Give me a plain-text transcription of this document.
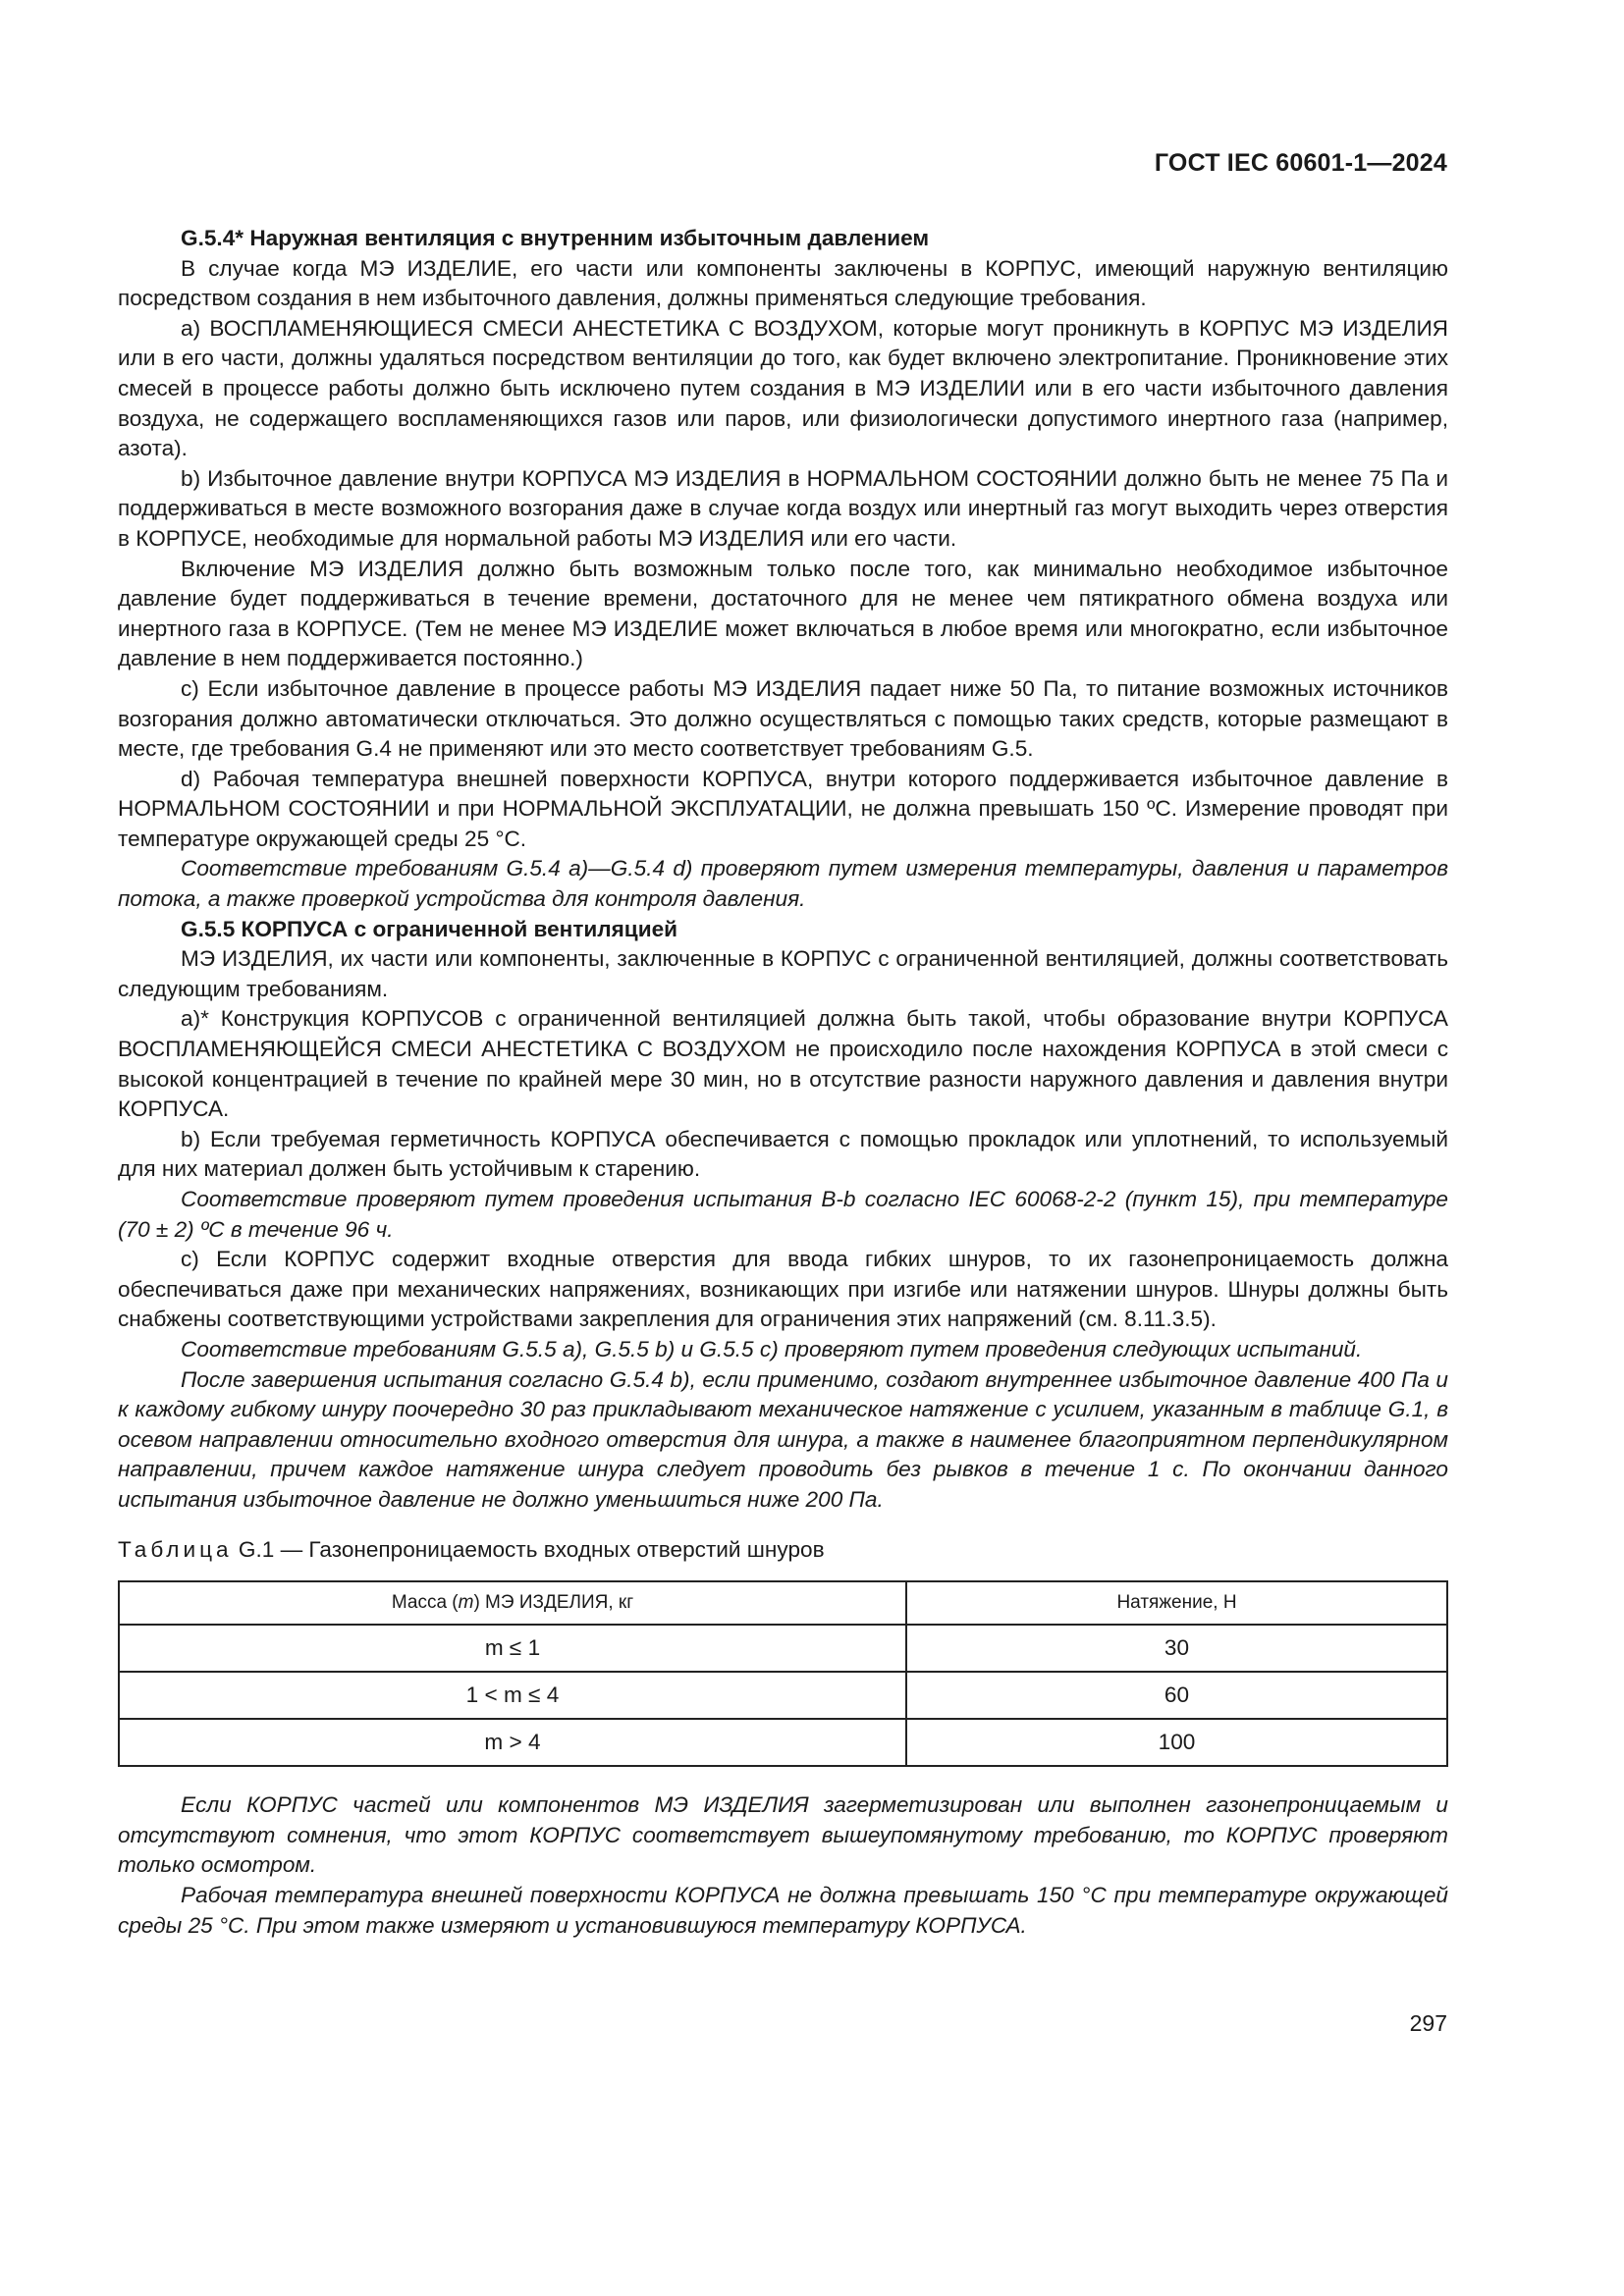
ГОСТ IEC 60601-1—2024

G.5.4* Наружная вентиляция с внутренним избыточным давлением

В случае когда МЭ ИЗДЕЛИЕ, его части или компоненты заключены в КОРПУС, имеющий наружную вентиляцию посредством создания в нем избыточного давления, должны применяться следующие требования.

a) ВОСПЛАМЕНЯЮЩИЕСЯ СМЕСИ АНЕСТЕТИКА С ВОЗДУХОМ, которые могут проникнуть в КОРПУС МЭ ИЗДЕЛИЯ или в его части, должны удаляться посредством вентиляции до того, как будет включено электропитание. Проникновение этих смесей в процессе работы должно быть исключено путем создания в МЭ ИЗДЕЛИИ или в его части избыточного давления воздуха, не содержащего воспламеняющихся газов или паров, или физиологически допустимого инертного газа (например, азота).

b) Избыточное давление внутри КОРПУСА МЭ ИЗДЕЛИЯ в НОРМАЛЬНОМ СОСТОЯНИИ должно быть не менее 75 Па и поддерживаться в месте возможного возгорания даже в случае когда воздух или инертный газ могут выходить через отверстия в КОРПУСЕ, необходимые для нормальной работы МЭ ИЗДЕЛИЯ или его части.

Включение МЭ ИЗДЕЛИЯ должно быть возможным только после того, как минимально необходимое избыточное давление будет поддерживаться в течение времени, достаточного для не менее чем пятикратного обмена воздуха или инертного газа в КОРПУСЕ. (Тем не менее МЭ ИЗДЕЛИЕ может включаться в любое время или многократно, если избыточное давление в нем поддерживается постоянно.)

c) Если избыточное давление в процессе работы МЭ ИЗДЕЛИЯ падает ниже 50 Па, то питание возможных источников возгорания должно автоматически отключаться. Это должно осуществляться с помощью таких средств, которые размещают в месте, где требования G.4 не применяют или это место соответствует требованиям G.5.

d) Рабочая температура внешней поверхности КОРПУСА, внутри которого поддерживается избыточное давление в НОРМАЛЬНОМ СОСТОЯНИИ и при НОРМАЛЬНОЙ ЭКСПЛУАТАЦИИ, не должна превышать 150 ºС. Измерение проводят при температуре окружающей среды 25 °С.

Соответствие требованиям G.5.4 a)—G.5.4 d) проверяют путем измерения температуры, давления и параметров потока, а также проверкой устройства для контроля давления.

G.5.5 КОРПУСА с ограниченной вентиляцией

МЭ ИЗДЕЛИЯ, их части или компоненты, заключенные в КОРПУС с ограниченной вентиляцией, должны соответствовать следующим требованиям.

a)* Конструкция КОРПУСОВ с ограниченной вентиляцией должна быть такой, чтобы образование внутри КОРПУСА ВОСПЛАМЕНЯЮЩЕЙСЯ СМЕСИ АНЕСТЕТИКА С ВОЗДУХОМ не происходило после нахождения КОРПУСА в этой смеси с высокой концентрацией в течение по крайней мере 30 мин, но в отсутствие разности наружного давления и давления внутри КОРПУСА.

b) Если требуемая герметичность КОРПУСА обеспечивается с помощью прокладок или уплотнений, то используемый для них материал должен быть устойчивым к старению.

Соответствие проверяют путем проведения испытания B-b согласно IEC 60068-2-2 (пункт 15), при температуре (70 ± 2) ºС в течение 96 ч.

c) Если КОРПУС содержит входные отверстия для ввода гибких шнуров, то их газонепроницаемость должна обеспечиваться даже при механических напряжениях, возникающих при изгибе или натяжении шнуров. Шнуры должны быть снабжены соответствующими устройствами закрепления для ограничения этих напряжений (см. 8.11.3.5).

Соответствие требованиям G.5.5 a), G.5.5 b) и G.5.5 c) проверяют путем проведения следующих испытаний.

После завершения испытания согласно G.5.4 b), если применимо, создают внутреннее избыточное давление 400 Па и к каждому гибкому шнуру поочередно 30 раз прикладывают механическое натяжение с усилием, указанным в таблице G.1, в осевом направлении относительно входного отверстия для шнура, а также в наименее благоприятном перпендикулярном направлении, причем каждое натяжение шнура следует проводить без рывков в течение 1 с. По окончании данного испытания избыточное давление не должно уменьшиться ниже 200 Па.

Таблица G.1 — Газонепроницаемость входных отверстий шнуров

Масса (m) МЭ ИЗДЕЛИЯ, кг	Натяжение, Н
m ≤ 1	30
1 < m ≤ 4	60
m > 4	100

Если КОРПУС частей или компонентов МЭ ИЗДЕЛИЯ загерметизирован или выполнен газонепроницаемым и отсутствуют сомнения, что этот КОРПУС соответствует вышеупомянутому требованию, то КОРПУС проверяют только осмотром.

Рабочая температура внешней поверхности КОРПУСА не должна превышать 150 °С при температуре окружающей среды 25 °С. При этом также измеряют и установившуюся температуру КОРПУСА.

297
